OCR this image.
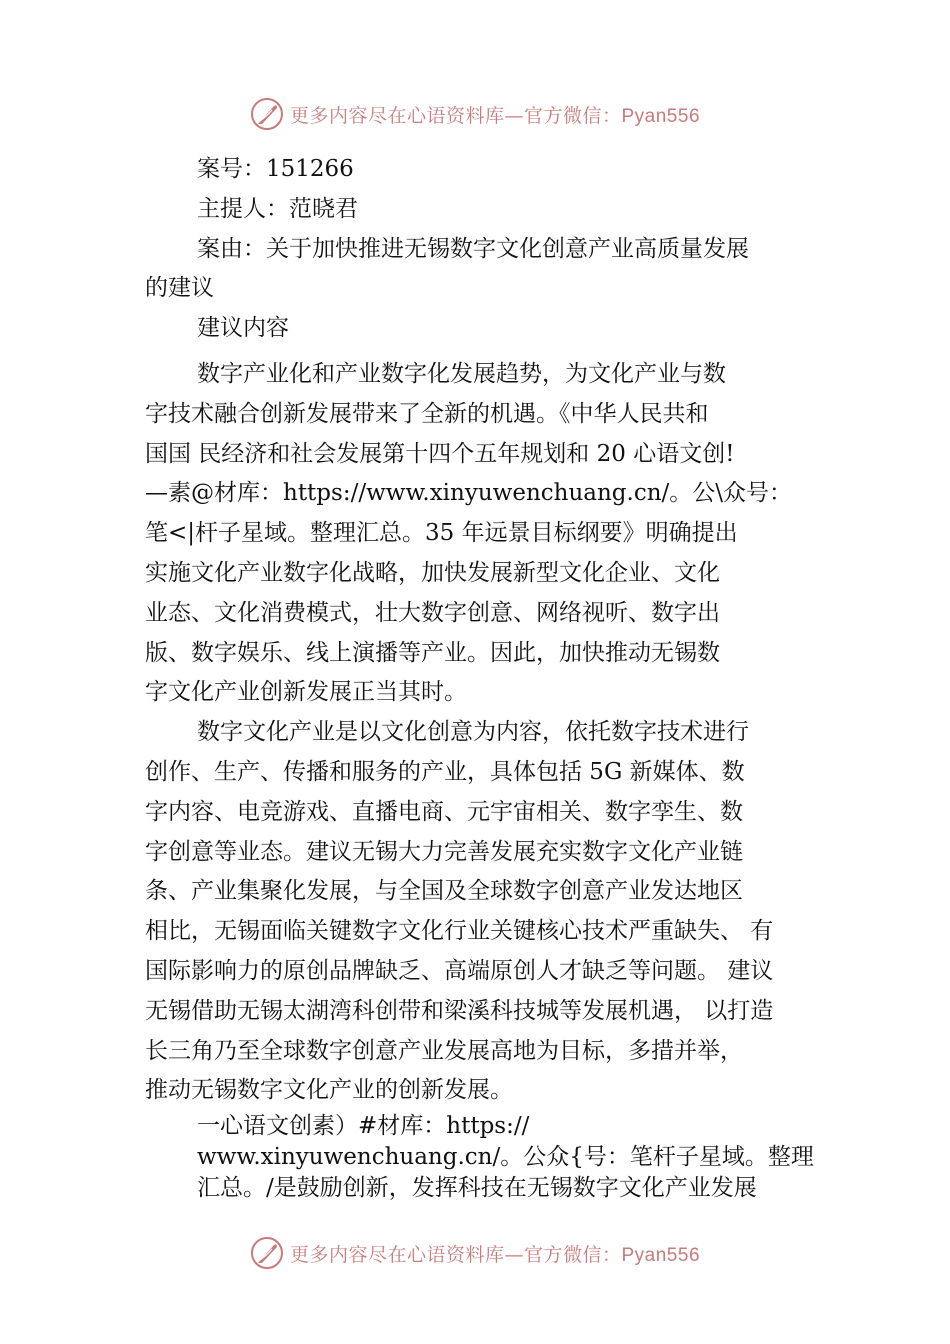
更多内容尽在心语资料库—官方微信：Pyan556
案号：151266
主提人：范晓君
案由：关于加快推进无锡数字文化创意产业高质量发展
的建议
建议内容
数字产业化和产业数字化发展趋势，为文化产业与数
字技术融合创新发展带来了全新的机遇。《中华人民共和
国国 民经济和社会发展第十四个五年规划和 20 心语文创!
—素@材库：https://www.xinyuwenchuang.cn/。公\众号：
笔<|杆子星域。整理汇总。35 年远景目标纲要》明确提出
实施文化产业数字化战略，加快发展新型文化企业、文化
业态、文化消费模式，壮大数字创意、网络视听、数字出
版、数字娱乐、线上演播等产业。因此，加快推动无锡数
字文化产业创新发展正当其时。
数字文化产业是以文化创意为内容，依托数字技术进行
创作、生产、传播和服务的产业，具体包括 5G 新媒体、数
字内容、电竞游戏、直播电商、元宇宙相关、数字孪生、数
字创意等业态。建议无锡大力完善发展充实数字文化产业链
条、产业集聚化发展，与全国及全球数字创意产业发达地区
相比，无锡面临关键数字文化行业关键核心技术严重缺失、 有
国际影响力的原创品牌缺乏、高端原创人才缺乏等问题。 建议
无锡借助无锡太湖湾科创带和梁溪科技城等发展机遇， 以打造
长三角乃至全球数字创意产业发展高地为目标，多措并举，
推动无锡数字文化产业的创新发展。
一心语文创素）#材库：https://
www.xinyuwenchuang.cn/。公众{号：笔杆子星域。整理
汇总。/是鼓励创新，发挥科技在无锡数字文化产业发展
更多内容尽在心语资料库—官方微信：Pyan556
